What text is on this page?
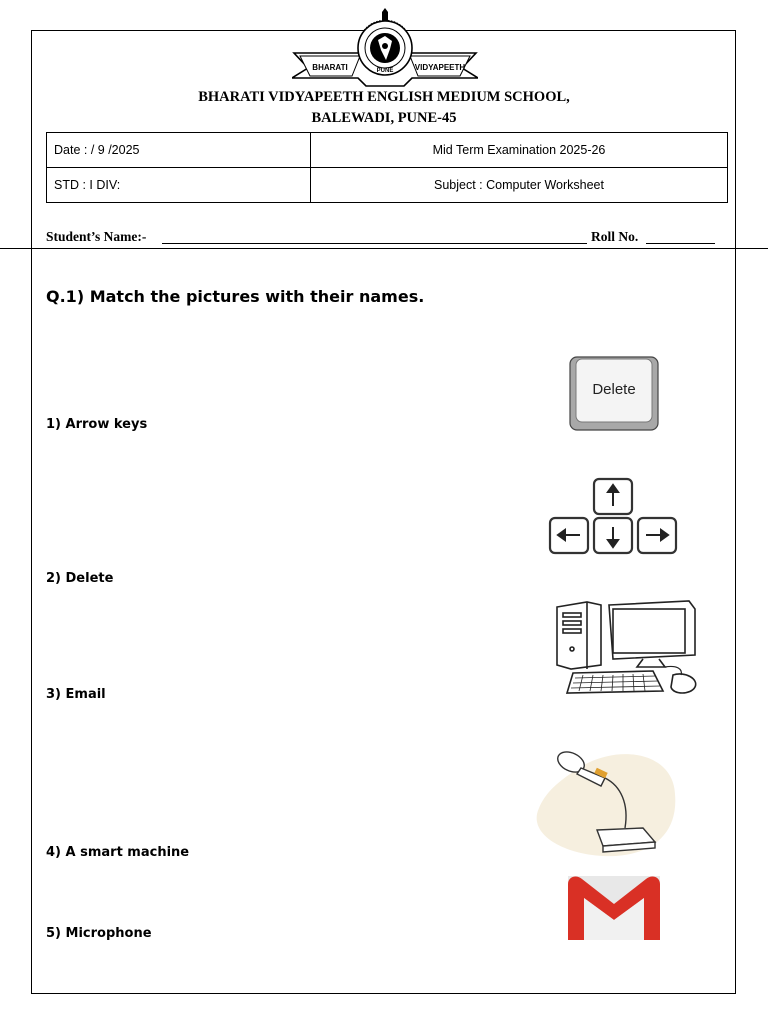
BHARATI	VIDYAPEETH
PUNE
BHARATI VIDYAPEETH ENGLISH MEDIUM SCHOOL,
BALEWADI, PUNE-45
Date : / 9 /2025	Mid Term Examination 2025-26
STD : I DIV:	Subject : Computer Worksheet
Student’s Name:-	Roll No.
Q.1) Match the pictures with their names.
1) Arrow keys
2) Delete
3) Email
4) A smart machine
5) Microphone
Delete
